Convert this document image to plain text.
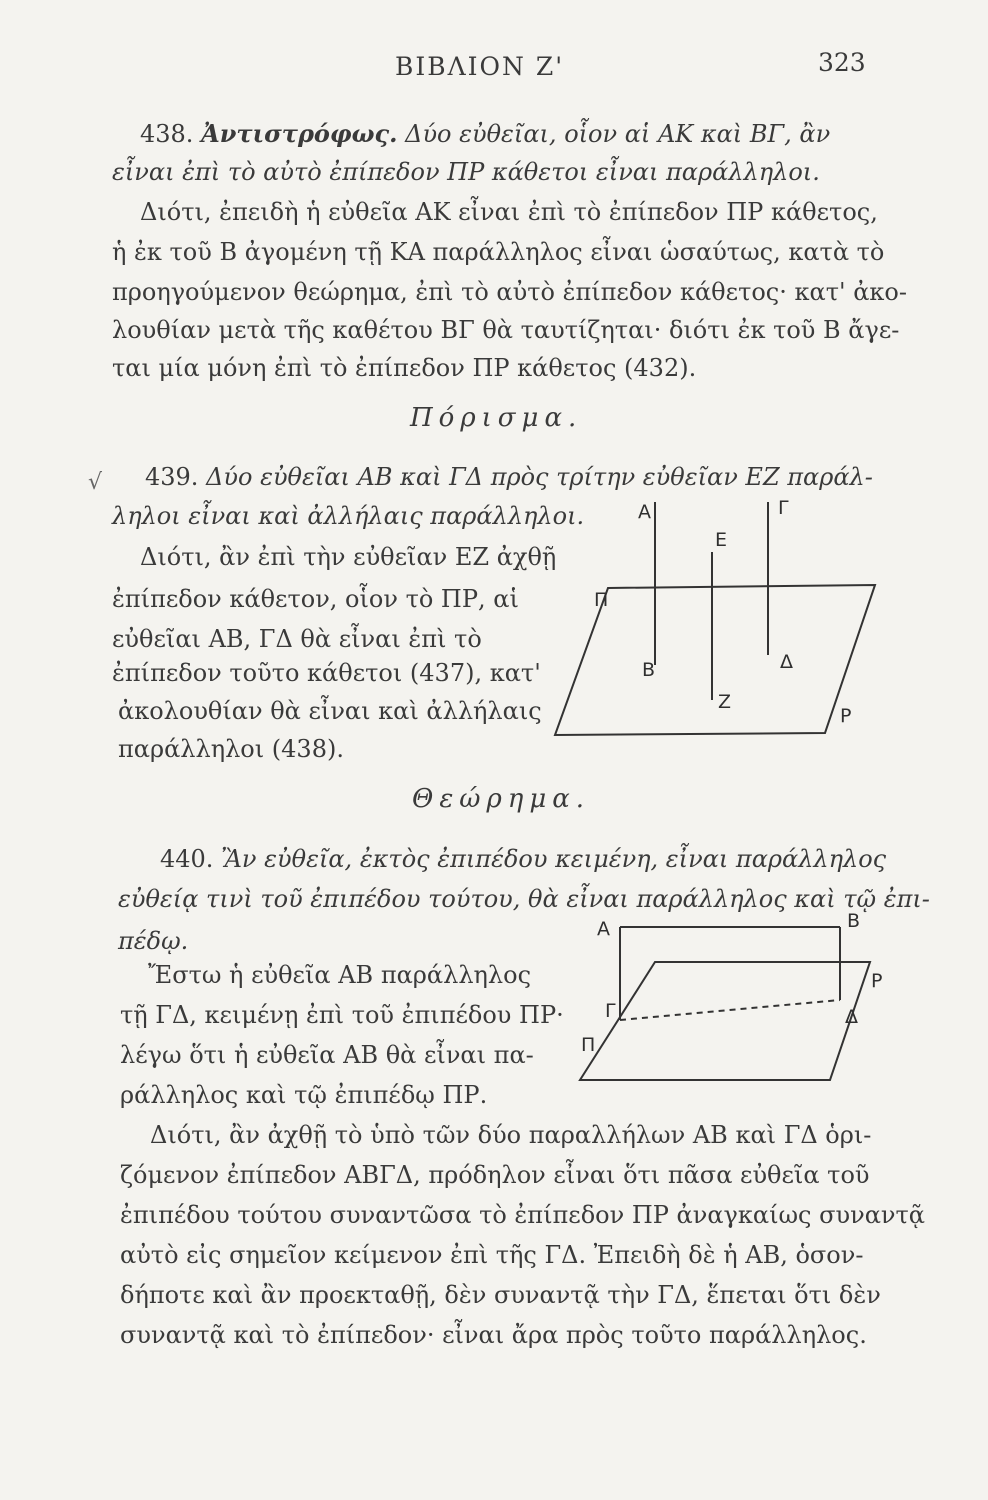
ΒΙΒΛΙΟΝ Ζ'	323

438. Ἀντιστρόφως. Δύο εὐθεῖαι, οἷον αἱ ΑΚ καὶ ΒΓ, ἂν

εἶναι ἐπὶ τὸ αὐτὸ ἐπίπεδον ΠΡ κάθετοι εἶναι παράλληλοι.

Διότι, ἐπειδὴ ἡ εὐθεῖα ΑΚ εἶναι ἐπὶ τὸ ἐπίπεδον ΠΡ κάθετος,

ἡ ἐκ τοῦ Β ἀγομένη τῇ ΚΑ παράλληλος εἶναι ὡσαύτως, κατὰ τὸ

προηγούμενον θεώρημα, ἐπὶ τὸ αὐτὸ ἐπίπεδον κάθετος· κατ' ἀκο-

λουθίαν μετὰ τῆς καθέτου ΒΓ θὰ ταυτίζηται· διότι ἐκ τοῦ Β ἄγε-

ται μία μόνη ἐπὶ τὸ ἐπίπεδον ΠΡ κάθετος (432).

Πόρισμα.
√ 439. Δύο εὐθεῖαι ΑΒ καὶ ΓΔ πρὸς τρίτην εὐθεῖαν ΕΖ παράλ-

ληλοι εἶναι καὶ ἀλλήλαις παράλληλοι.

Διότι, ἂν ἐπὶ τὴν εὐθεῖαν ΕΖ ἀχθῇ

ἐπίπεδον κάθετον, οἷον τὸ ΠΡ, αἱ

εὐθεῖαι ΑΒ, ΓΔ θὰ εἶναι ἐπὶ τὸ

ἐπίπεδον τοῦτο κάθετοι (437), κατ'

ἀκολουθίαν θὰ εἶναι καὶ ἀλλήλαις

παράλληλοι (438).

Α	Γ
Ε
Π
Β	Δ
Ζ
Ρ
Θεώρημα.

440. Ἂν εὐθεῖα, ἐκτὸς ἐπιπέδου κειμένη, εἶναι παράλληλος

εὐθείᾳ τινὶ τοῦ ἐπιπέδου τούτου, θὰ εἶναι παράλληλος καὶ τῷ ἐπι-

πέδῳ.

Ἔστω ἡ εὐθεῖα ΑΒ παράλληλος

τῇ ΓΔ, κειμένῃ ἐπὶ τοῦ ἐπιπέδου ΠΡ·

λέγω ὅτι ἡ εὐθεῖα ΑΒ θὰ εἶναι πα-

ράλληλος καὶ τῷ ἐπιπέδῳ ΠΡ.

Α	Β
Ρ
Γ	Δ
Π

Διότι, ἂν ἀχθῇ τὸ ὑπὸ τῶν δύο παραλλήλων ΑΒ καὶ ΓΔ ὁρι-

ζόμενον ἐπίπεδον ΑΒΓΔ, πρόδηλον εἶναι ὅτι πᾶσα εὐθεῖα τοῦ

ἐπιπέδου τούτου συναντῶσα τὸ ἐπίπεδον ΠΡ ἀναγκαίως συναντᾷ

αὐτὸ εἰς σημεῖον κείμενον ἐπὶ τῆς ΓΔ. Ἐπειδὴ δὲ ἡ ΑΒ, ὁσον-

δήποτε καὶ ἂν προεκταθῇ, δὲν συναντᾷ τὴν ΓΔ, ἕπεται ὅτι δὲν

συναντᾷ καὶ τὸ ἐπίπεδον· εἶναι ἄρα πρὸς τοῦτο παράλληλος.
